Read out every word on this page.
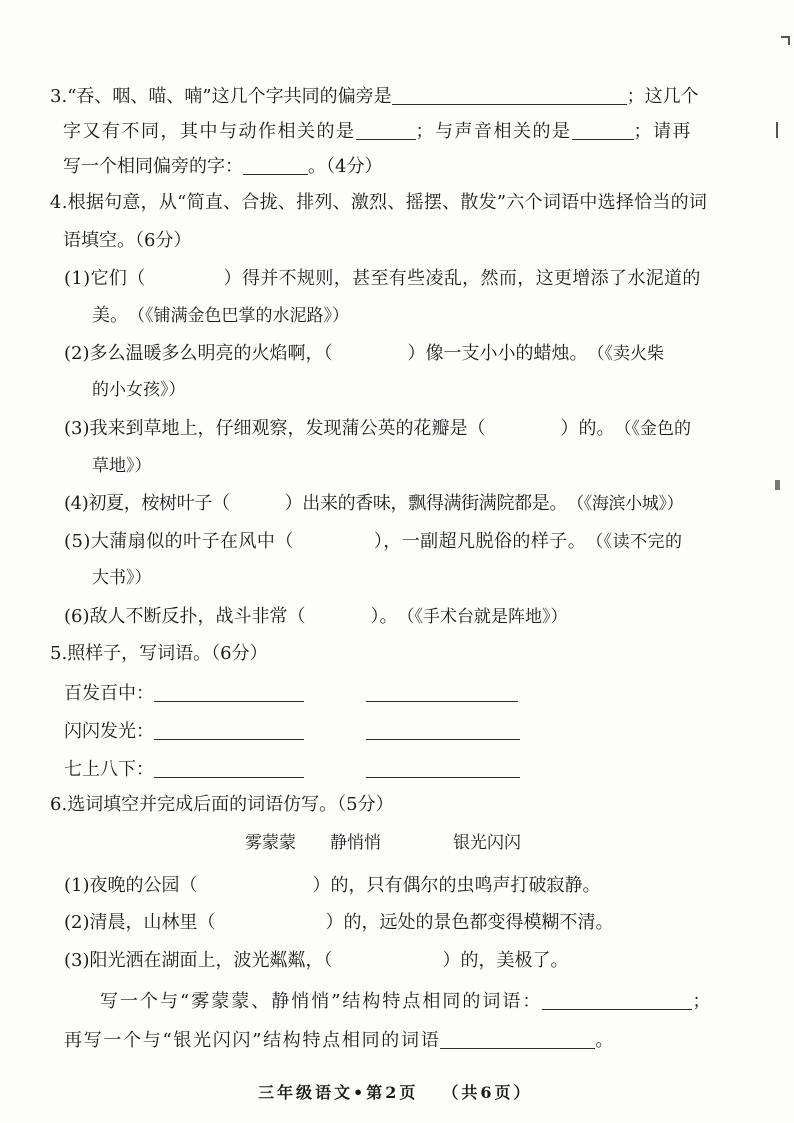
3. “吞、咽、喵、喃”这几个字共同的偏旁是	；这几个
字又有不同，其中与动作相关的是	；与声音相关的是	；请再
写一个相同偏旁的字：	。（4分）
4. 根据句意，从“简直、合拢、排列、激烈、摇摆、散发”六个词语中选择恰当的词
语填空。（6分）
(1) 它们（	）得并不规则，甚至有些凌乱，然而，这更增添了水泥道的
美。 （《铺满金色巴掌的水泥路》）
(2) 多么温暖多么明亮的火焰啊，（	）像一支小小的蜡烛。 （《卖火柴
的小女孩》）
(3) 我来到草地上，仔细观察，发现蒲公英的花瓣是（	）的。 （《金色的
草地》）
(4) 初夏，桉树叶子（	）出来的香味，飘得满街满院都是。 （《海滨小城》）
(5) 大蒲扇似的叶子在风中（	），一副超凡脱俗的样子。 （《读不完的
大书》）
(6) 敌人不断反扑，战斗非常（	）。 （《手术台就是阵地》）
5. 照样子，写词语。（6分）
百发百中：
闪闪发光：
七上八下：
6. 选词填空并完成后面的词语仿写。（5分）
雾蒙蒙 静悄悄	银光闪闪
(1) 夜晚的公园（	）的，只有偶尔的虫鸣声打破寂静。
(2) 清晨，山林里（	）的，远处的景色都变得模糊不清。
(3) 阳光洒在湖面上，波光粼粼，（	）的，美极了。
写一个与“雾蒙蒙、静悄悄”结构特点相同的词语：	；
再写一个与“银光闪闪”结构特点相同的词语	。
三年级语文•第2页 （共6页）
